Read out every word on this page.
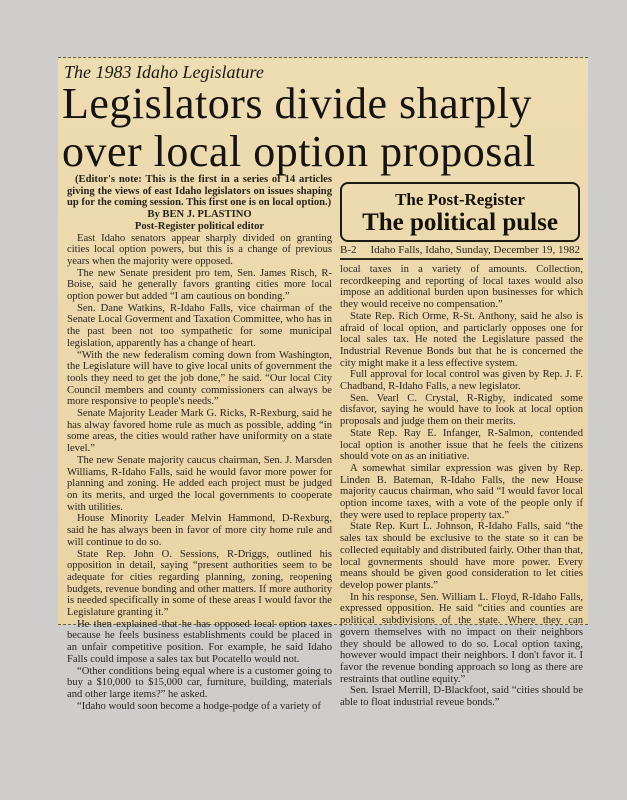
The 1983 Idaho Legislature
Legislators divide sharply
over local option proposal

(Editor's note: This is the first in a series of 14 articles giving the views of east Idaho legislators on issues shaping up for the coming session. This first one is on local option.)

By BEN J. PLASTINO

Post-Register political editor

East Idaho senators appear sharply divided on granting cities local option powers, but this is a change of previous years when the majority were opposed.

The new Senate president pro tem, Sen. James Risch, R-Boise, said he generally favors granting cities more local option power but added “I am cautious on bonding.”

Sen. Dane Watkins, R-Idaho Falls, vice chairman of the Senate Local Goverment and Taxation Committee, who has in the past been not too sympathetic for some municipal legislation, apparently has a change of heart.

“With the new federalism coming down from Washington, the Legislature will have to give local units of government the tools they need to get the job done,” he said. “Our local City Council members and county commissioners can always be more responsive to people's needs.”

Senate Majority Leader Mark G. Ricks, R-Rexburg, said he has alway favored home rule as much as possible, adding “in some areas, the cities would rather have uniformity on a state level.”

The new Senate majority caucus chairman, Sen. J. Marsden Williams, R-Idaho Falls, said he would favor more power for planning and zoning. He added each project must be judged on its merits, and urged the local governments to cooperate with utilities.

House Minority Leader Melvin Hammond, D-Rexburg, said he has always been in favor of more city home rule and will continue to do so.

State Rep. John O. Sessions, R-Driggs, outlined his opposition in detail, saying “present authorities seem to be adequate for cities regarding planning, zoning, reopening budgets, revenue bonding and other matters. If more authority is needed specifically in some of these areas I would favor the Legislature granting it.”

He then explained that he has opposed local option taxes because he feels business establishments could be placed in an unfair competitive position. For example, he said Idaho Falls could impose a sales tax but Pocatello would not.

“Other conditions being equal where is a customer going to buy a $10,000 to $15,000 car, furniture, building, materials and other large items?” he asked.

“Idaho would soon become a hodge-podge of a variety of

The Post-Register
The political pulse
B-2 Idaho Falls, Idaho, Sunday, December 19, 1982

local taxes in a variety of amounts. Collection, recordkeeping and reporting of local taxes would also impose an additional burden upon businesses for which they would receive no compensation.”

State Rep. Rich Orme, R-St. Anthony, said he also is afraid of local option, and particlarly opposes one for local sales tax. He noted the Legislature passed the Industrial Revenue Bonds but that he is concerned the city might make it a less effective system.

Full approval for local control was given by Rep. J. F. Chadband, R-Idaho Falls, a new legislator.

Sen. Vearl C. Crystal, R-Rigby, indicated some disfavor, saying he would have to look at local option proposals and judge them on their merits.

State Rep. Ray E. Infanger, R-Salmon, contended local option is another issue that he feels the citizens should vote on as an initiative.

A somewhat similar expression was given by Rep. Linden B. Bateman, R-Idaho Falls, the new House majority caucus chairman, who said “I would favor local option income taxes, with a vote of the people only if they were used to replace property tax.”

State Rep. Kurt L. Johnson, R-Idaho Falls, said “the sales tax should be exclusive to the state so it can be collected equitably and distributed fairly. Other than that, local govnerments should have more power. Every means should be given good consideration to let cities develop power plants.”

In his response, Sen. William L. Floyd, R-Idaho Falls, expressed opposition. He said “cities and counties are political subdivisions of the state. Where they can govern themselves with no impact on their neighbors they should be allowed to do so. Local option taxing, however would impact their neighbors. I don't favor it. I favor the revenue bonding approach so long as there are restraints that outline equity.”

Sen. Israel Merrill, D-Blackfoot, said “cities should be able to float industrial reveue bonds.”
